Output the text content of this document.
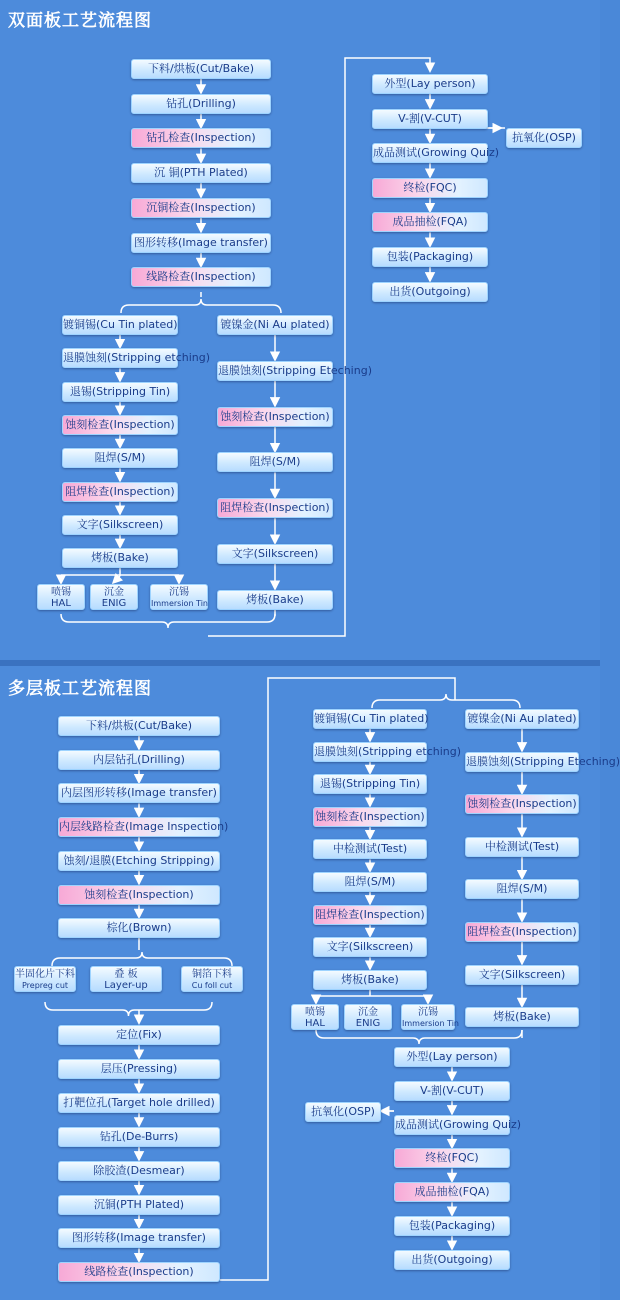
双面板工艺流程图
多层板工艺流程图
下料/烘板(Cut/Bake)
钻孔(Drilling)
钻孔检查(Inspection)
沉 铜(PTH Plated)
沉铜检查(Inspection)
图形转移(Image transfer)
线路检查(Inspection)
镀铜锡(Cu Tin plated)
退膜蚀刻(Stripping etching)
退锡(Stripping Tin)
蚀刻检查(Inspection)
阻焊(S/M)
阻焊检查(Inspection)
文字(Silkscreen)
烤板(Bake)
镀镍金(Ni Au plated)
退膜蚀刻(Stripping Eteching)
蚀刻检查(Inspection)
阻焊(S/M)
阻焊检查(Inspection)
文字(Silkscreen)
烤板(Bake)
喷锡
HAL
沉金
ENIG
沉锡
Immersion Tin
外型(Lay person)
V-割(V-CUT)
成品测试(Growing Quiz)
终检(FQC)
成品抽检(FQA)
包装(Packaging)
出货(Outgoing)
抗氧化(OSP)
下料/烘板(Cut/Bake)
内层钻孔(Drilling)
内层图形转移(Image transfer)
内层线路检查(Image Inspection)
蚀刻/退膜(Etching Stripping)
蚀刻检查(Inspection)
棕化(Brown)
半固化片下料
Prepreg cut
叠 板
Layer-up
铜箔下料
Cu foll cut
定位(Fix)
层压(Pressing)
打靶位孔(Target hole drilled)
钻孔(De-Burrs)
除胶渣(Desmear)
沉铜(PTH Plated)
图形转移(Image transfer)
线路检查(Inspection)
镀铜锡(Cu Tin plated)
退膜蚀刻(Stripping etching)
退锡(Stripping Tin)
蚀刻检查(Inspection)
中检测试(Test)
阻焊(S/M)
阻焊检查(Inspection)
文字(Silkscreen)
烤板(Bake)
镀镍金(Ni Au plated)
退膜蚀刻(Stripping Eteching)
蚀刻检查(Inspection)
中检测试(Test)
阻焊(S/M)
阻焊检查(Inspection)
文字(Silkscreen)
烤板(Bake)
喷锡
HAL
沉金
ENIG
沉锡
Immersion Tin
外型(Lay person)
V-割(V-CUT)
成品测试(Growing Quiz)
终检(FQC)
成品抽检(FQA)
包装(Packaging)
出货(Outgoing)
抗氧化(OSP)
